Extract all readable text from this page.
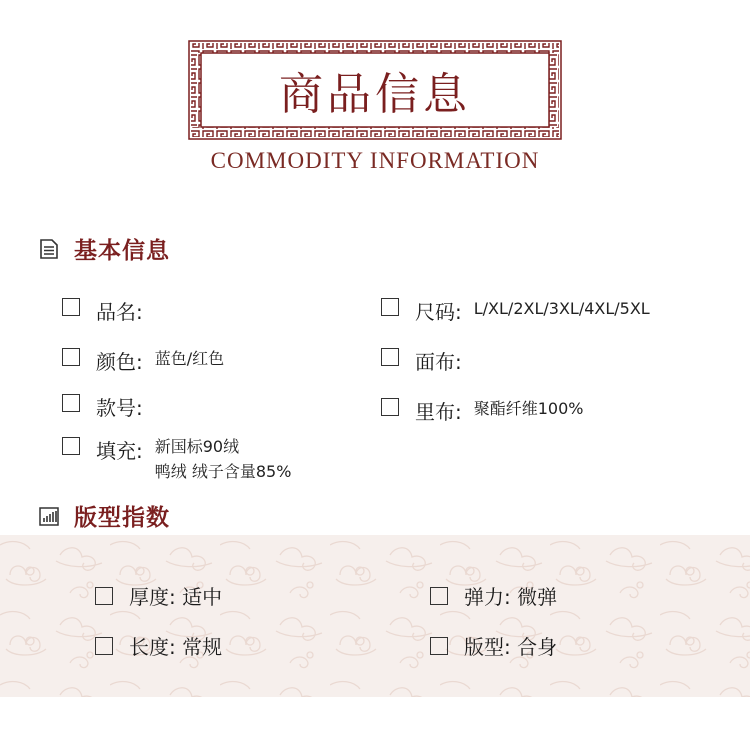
商品信息
COMMODITY INFORMATION
基本信息
品名:
颜色: 蓝色/红色
款号:
填充: 新国标90绒
鸭绒 绒子含量85%
尺码: L/XL/2XL/3XL/4XL/5XL
面布:
里布: 聚酯纤维100%
版型指数
厚度: 适中	弹力: 微弹
长度: 常规	版型: 合身
